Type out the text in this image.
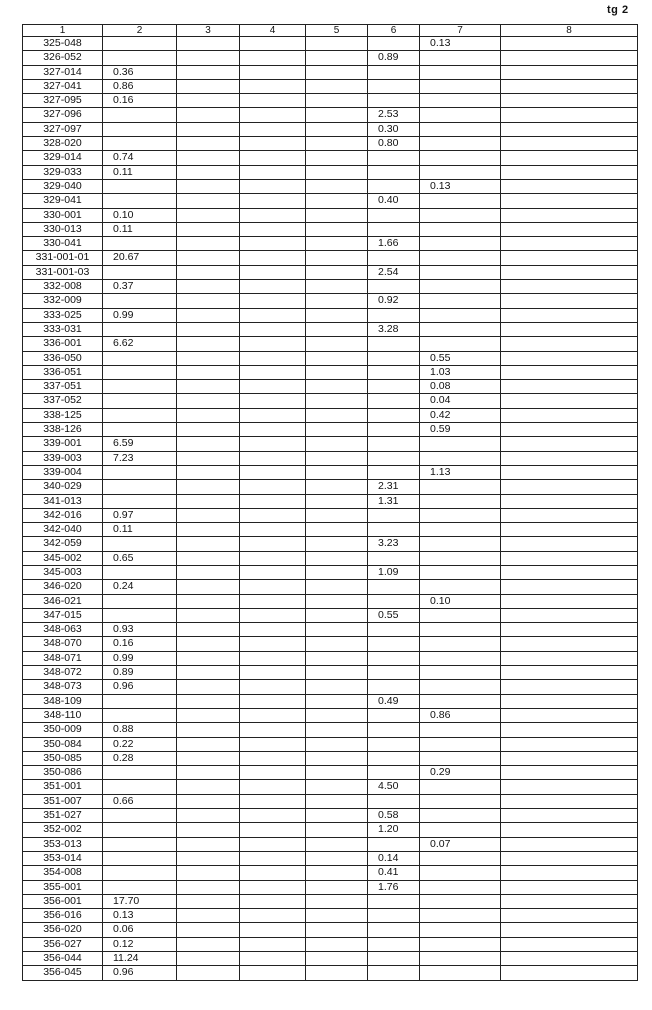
tg 2
1	2	3	4	5	6	7	8
325-048						0.13	
326-052					0.89		
327-014	0.36						
327-041	0.86						
327-095	0.16						
327-096					2.53		
327-097					0.30		
328-020					0.80		
329-014	0.74						
329-033	0.11						
329-040						0.13	
329-041					0.40		
330-001	0.10						
330-013	0.11						
330-041					1.66		
331-001-01	20.67						
331-001-03					2.54		
332-008	0.37						
332-009					0.92		
333-025	0.99						
333-031					3.28		
336-001	6.62						
336-050						0.55	
336-051						1.03	
337-051						0.08	
337-052						0.04	
338-125						0.42	
338-126						0.59	
339-001	6.59						
339-003	7.23						
339-004						1.13	
340-029					2.31		
341-013					1.31		
342-016	0.97						
342-040	0.11						
342-059					3.23		
345-002	0.65						
345-003					1.09		
346-020	0.24						
346-021						0.10	
347-015					0.55		
348-063	0.93						
348-070	0.16						
348-071	0.99						
348-072	0.89						
348-073	0.96						
348-109					0.49		
348-110						0.86	
350-009	0.88						
350-084	0.22						
350-085	0.28						
350-086						0.29	
351-001					4.50		
351-007	0.66						
351-027					0.58		
352-002					1.20		
353-013						0.07	
353-014					0.14		
354-008					0.41		
355-001					1.76		
356-001	17.70						
356-016	0.13						
356-020	0.06						
356-027	0.12						
356-044	11.24						
356-045	0.96						
